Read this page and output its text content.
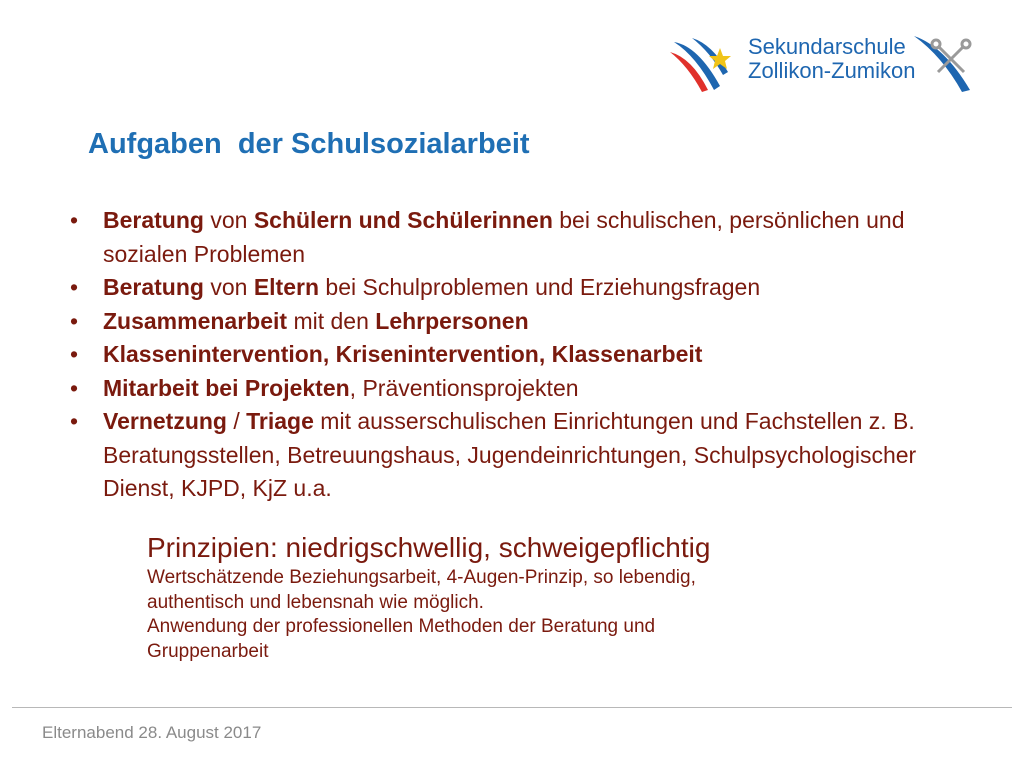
Sekundarschule
Zollikon-Zumikon
Aufgaben  der Schulsozialarbeit
• Beratung von Schülern und Schülerinnen bei schulischen, persönlichen und sozialen Problemen
• Beratung von Eltern bei Schulproblemen und Erziehungsfragen
• Zusammenarbeit mit den Lehrpersonen
• Klassenintervention, Krisenintervention, Klassenarbeit
• Mitarbeit bei Projekten, Präventionsprojekten
• Vernetzung / Triage mit ausserschulischen Einrichtungen und Fachstellen z. B. Beratungsstellen, Betreuungshaus, Jugendeinrichtungen, Schulpsychologischer Dienst, KJPD, KjZ u.a.
Prinzipien: niedrigschwellig, schweigepflichtig
Wertschätzende Beziehungsarbeit, 4-Augen-Prinzip, so lebendig,
authentisch und lebensnah wie möglich.
Anwendung der professionellen Methoden der Beratung und
Gruppenarbeit
Elternabend 28. August 2017
